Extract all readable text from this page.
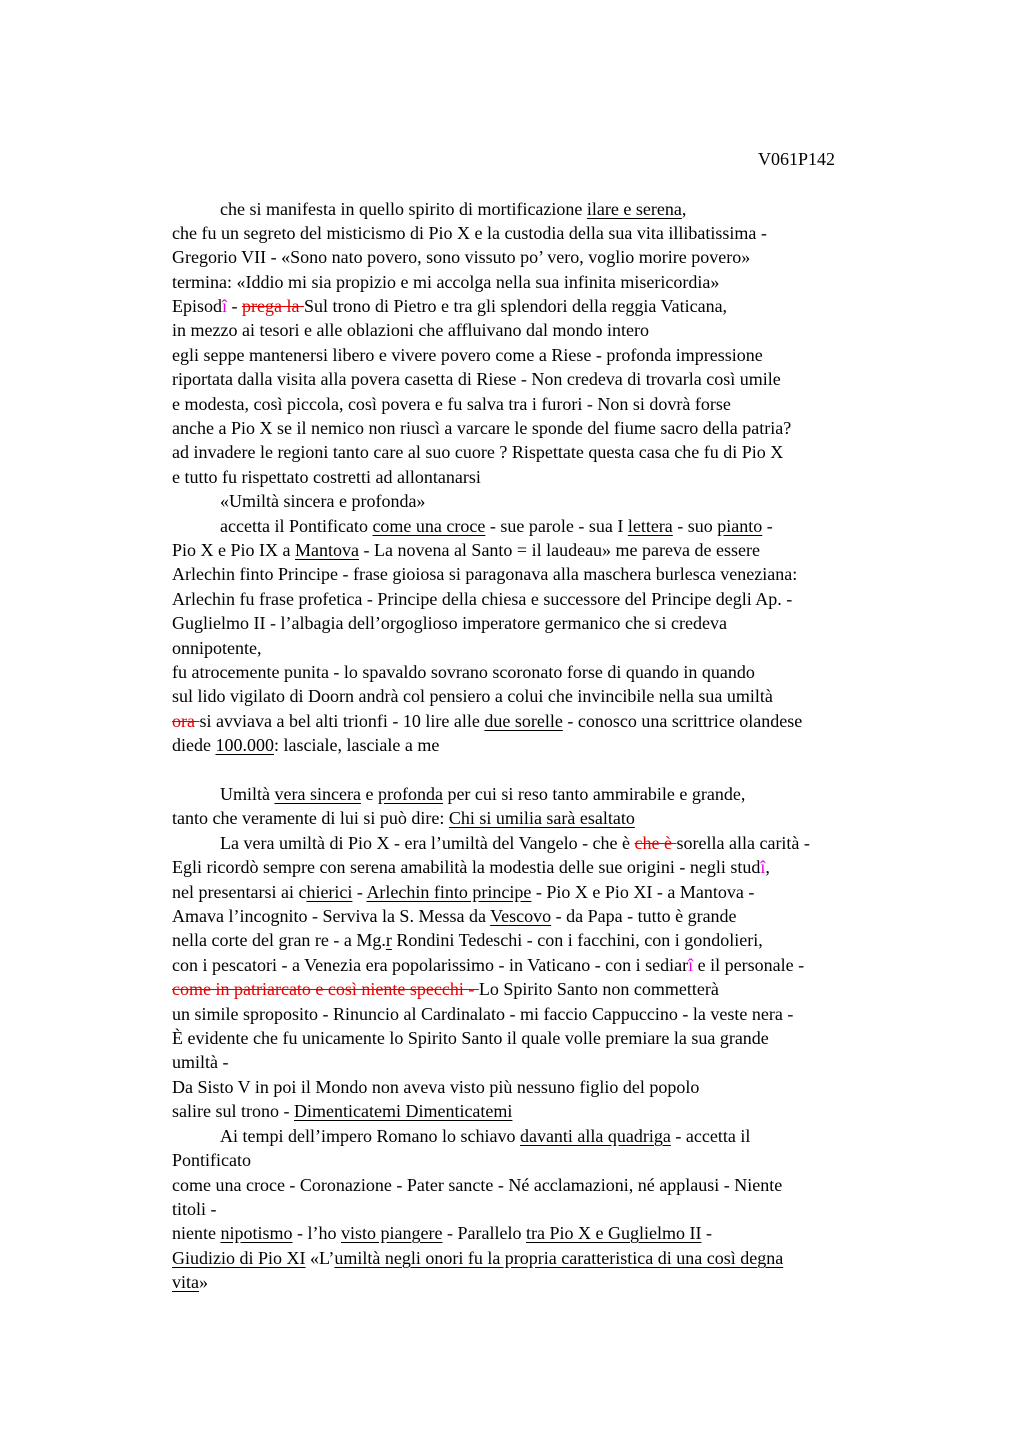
V061P142
che si manifesta in quello spirito di mortificazione ilare e serena,
che fu un segreto del misticismo di Pio X e la custodia della sua vita illibatissima -
Gregorio VII - «Sono nato povero, sono vissuto po’ vero, voglio morire povero»
termina: «Iddio mi sia propizio e mi accolga nella sua infinita misericordia»
Episodî - prega la Sul trono di Pietro e tra gli splendori della reggia Vaticana,
in mezzo ai tesori e alle oblazioni che affluivano dal mondo intero
egli seppe mantenersi libero e vivere povero come a Riese - profonda impressione
riportata dalla visita alla povera casetta di Riese - Non credeva di trovarla così umile
e modesta, così piccola, così povera e fu salva tra i furori - Non si dovrà forse
anche a Pio X se il nemico non riuscì a varcare le sponde del fiume sacro della patria?
ad invadere le regioni tanto care al suo cuore ? Rispettate questa casa che fu di Pio X
e tutto fu rispettato costretti ad allontanarsi
«Umiltà sincera e profonda»
accetta il Pontificato come una croce - sue parole - sua I lettera - suo pianto -
Pio X e Pio IX a Mantova - La novena al Santo = il laudeau» me pareva de essere
Arlechin finto Principe - frase gioiosa si paragonava alla maschera burlesca veneziana:
Arlechin fu frase profetica - Principe della chiesa e successore del Principe degli Ap. -
Guglielmo II - l’albagia dell’orgoglioso imperatore germanico che si credeva
onnipotente,
fu atrocemente punita - lo spavaldo sovrano scoronato forse di quando in quando
sul lido vigilato di Doorn andrà col pensiero a colui che invincibile nella sua umiltà
ora si avviava a bel alti trionfi - 10 lire alle due sorelle - conosco una scrittrice olandese
diede 100.000: lasciale, lasciale a me
Umiltà vera sincera e profonda per cui si reso tanto ammirabile e grande,
tanto che veramente di lui si può dire: Chi si umilia sarà esaltato
La vera umiltà di Pio X - era l’umiltà del Vangelo - che è che è sorella alla carità -
Egli ricordò sempre con serena amabilità la modestia delle sue origini - negli studî,
nel presentarsi ai chierici - Arlechin finto principe - Pio X e Pio XI - a Mantova -
Amava l’incognito - Serviva la S. Messa da Vescovo - da Papa - tutto è grande
nella corte del gran re - a Mg.r Rondini Tedeschi - con i facchini, con i gondolieri,
con i pescatori - a Venezia era popolarissimo - in Vaticano - con i sediarî e il personale -
come in patriarcato e così niente specchi - Lo Spirito Santo non commetterà
un simile sproposito - Rinuncio al Cardinalato - mi faccio Cappuccino - la veste nera -
È evidente che fu unicamente lo Spirito Santo il quale volle premiare la sua grande
umiltà -
Da Sisto V in poi il Mondo non aveva visto più nessuno figlio del popolo
salire sul trono - Dimenticatemi Dimenticatemi
Ai tempi dell’impero Romano lo schiavo davanti alla quadriga - accetta il
Pontificato
come una croce - Coronazione - Pater sancte - Né acclamazioni, né applausi - Niente
titoli -
niente nipotismo - l’ho visto piangere - Parallelo tra Pio X e Guglielmo II -
Giudizio di Pio XI «L’umiltà negli onori fu la propria caratteristica di una così degna
vita»
